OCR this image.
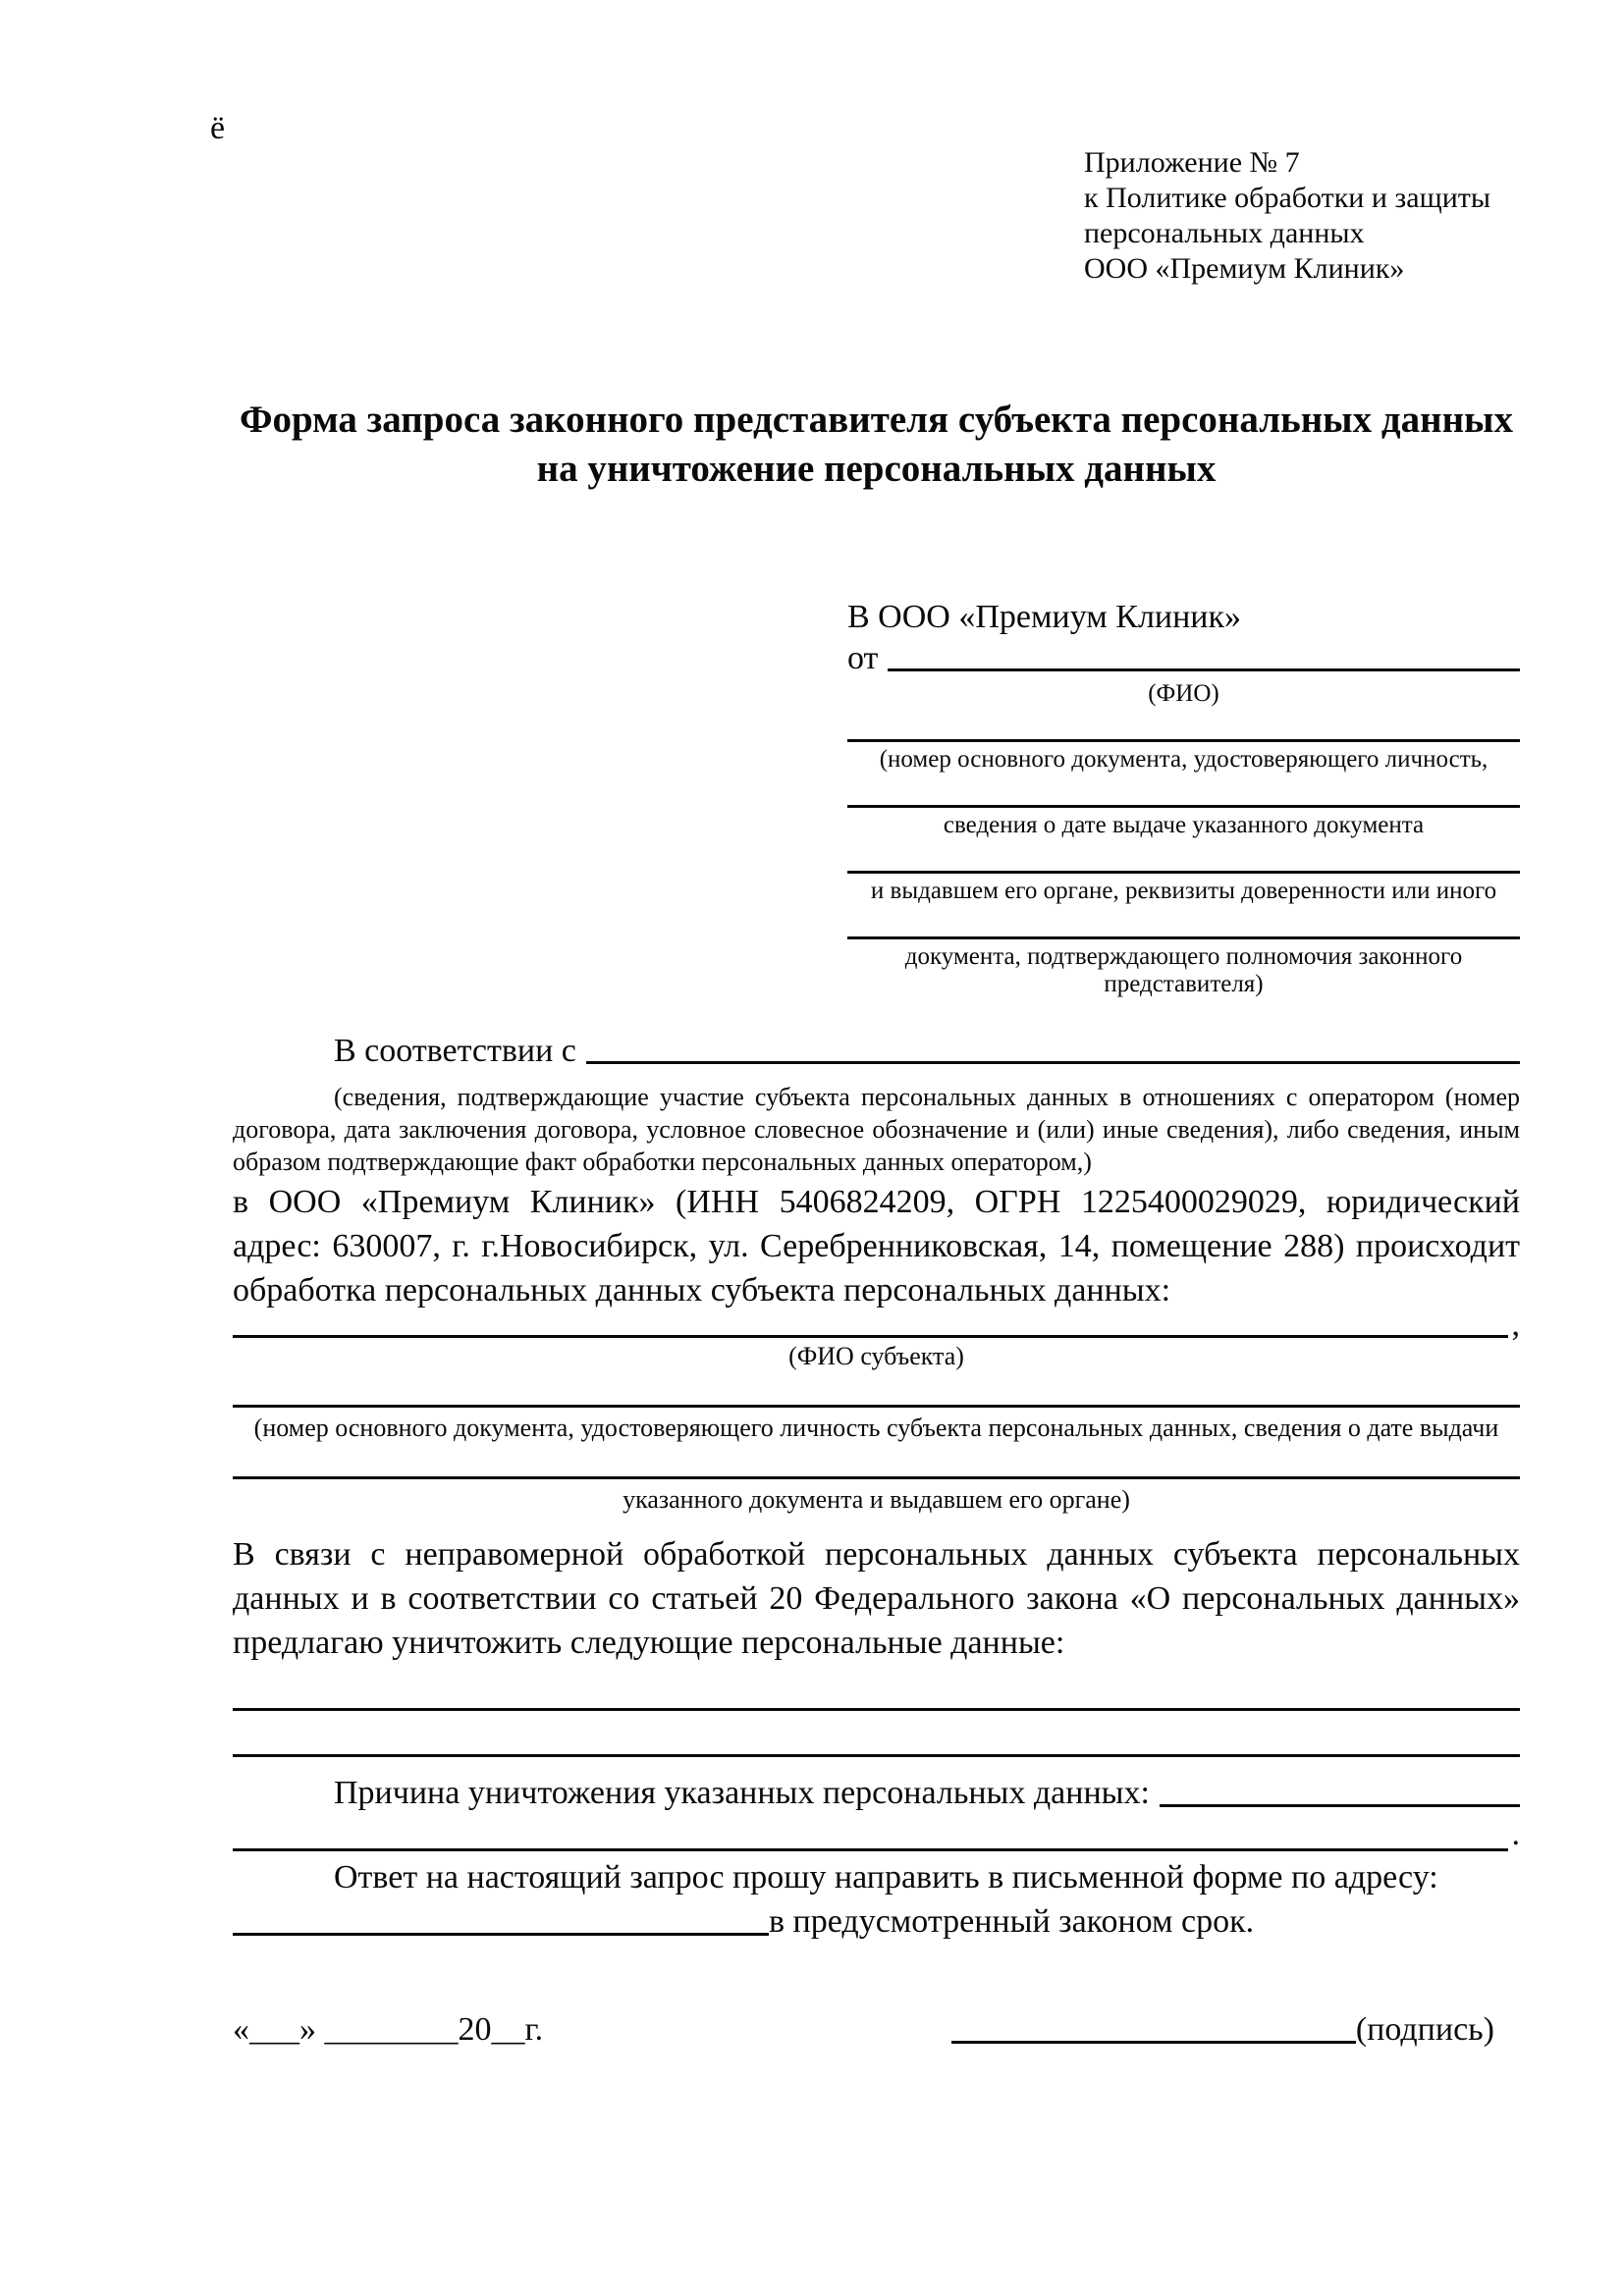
ё
Приложение № 7
к Политике обработки и защиты
персональных данных
ООО «Премиум Клиник»
Форма запроса законного представителя субъекта персональных данных
на уничтожение персональных данных
В ООО «Премиум Клиник»
от
(ФИО)
(номер основного документа, удостоверяющего личность,
сведения о дате выдаче указанного документа
и выдавшем его органе, реквизиты доверенности или иного
документа, подтверждающего полномочия законного представителя)
В соответствии с
(сведения, подтверждающие участие субъекта персональных данных в отношениях с оператором (номер договора, дата заключения договора, условное словесное обозначение и (или) иные сведения), либо сведения, иным образом подтверждающие факт обработки персональных данных оператором,)
в ООО «Премиум Клиник» (ИНН 5406824209, ОГРН 1225400029029, юридический адрес: 630007, г. г.Новосибирск, ул. Серебренниковская, 14, помещение 288) происходит обработка персональных данных субъекта персональных данных:
,
(ФИО субъекта)
(номер основного документа, удостоверяющего личность субъекта персональных данных, сведения о дате выдачи
указанного документа и выдавшем его органе)
В связи с неправомерной обработкой персональных данных субъекта персональных данных и в соответствии со статьей 20 Федерального закона «О персональных данных» предлагаю уничтожить следующие персональные данные:
Причина уничтожения указанных персональных данных:
.
Ответ на настоящий запрос прошу направить в письменной форме по адресу:
в предусмотренный законом срок.
«___» ________20__г.	(подпись)
